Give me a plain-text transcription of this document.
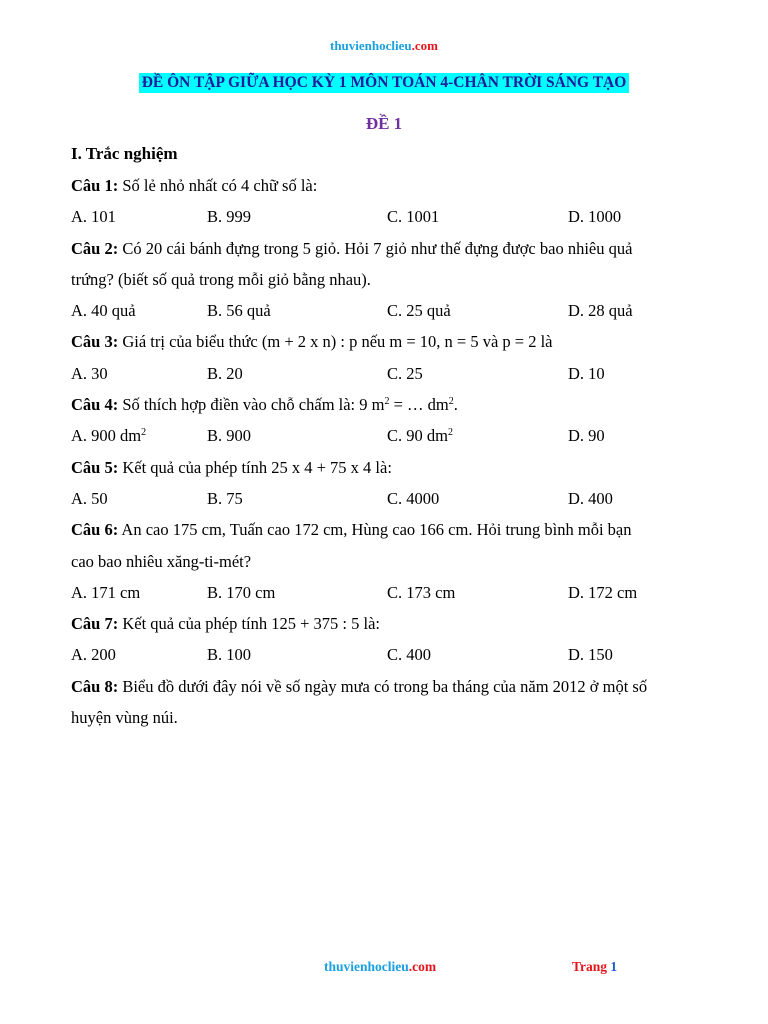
thuvienhoclieu.com
ĐỀ ÔN TẬP GIỮA HỌC KỲ 1 MÔN TOÁN 4-CHÂN TRỜI SÁNG TẠO
ĐỀ 1
I. Trắc nghiệm
Câu 1: Số lẻ nhỏ nhất có 4 chữ số là:
A. 101	B. 999	C. 1001	D. 1000
Câu 2: Có 20 cái bánh đựng trong 5 giỏ. Hỏi 7 giỏ như thế đựng được bao nhiêu quả
trứng? (biết số quả trong mỗi giỏ bằng nhau).
A. 40 quả	B. 56 quả	C. 25 quả	D. 28 quả
Câu 3: Giá trị của biểu thức (m + 2 x n) : p nếu m = 10, n = 5 và p = 2 là
A. 30	B. 20	C. 25	D. 10
Câu 4: Số thích hợp điền vào chỗ chấm là: 9 $m^2$ = … $dm^2$.
A. 900 $dm^2$	B. 900	C. 90 $dm^2$	D. 90
Câu 5: Kết quả của phép tính 25 x 4 + 75 x 4 là:
A. 50	B. 75	C. 4000	D. 400
Câu 6: An cao 175 cm, Tuấn cao 172 cm, Hùng cao 166 cm. Hỏi trung bình mỗi bạn
cao bao nhiêu xăng-ti-mét?
A. 171 cm	B. 170 cm	C. 173 cm	D. 172 cm
Câu 7: Kết quả của phép tính 125 + 375 : 5 là:
A. 200	B. 100	C. 400	D. 150
Câu 8: Biểu đồ dưới đây nói về số ngày mưa có trong ba tháng của năm 2012 ở một số
huyện vùng núi.
thuvienhoclieu.com	Trang 1
